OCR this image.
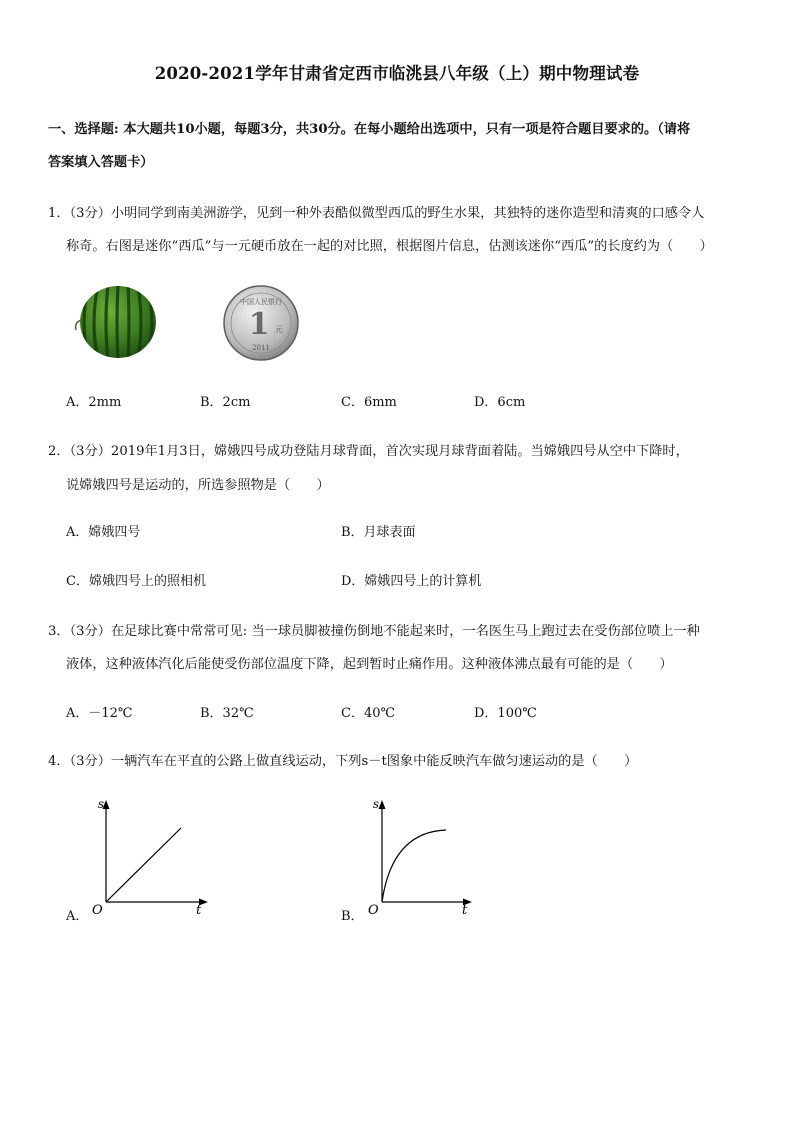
2020-2021学年甘肃省定西市临洮县八年级（上）期中物理试卷
一、选择题: 本大题共10小题，每题3分，共30分。在每小题给出选项中，只有一项是符合题目要求的。（请将
答案填入答题卡）
1．（3分）小明同学到南美洲游学，见到一种外表酷似微型西瓜的野生水果，其独特的迷你造型和清爽的口感令人
称奇。右图是迷你“西瓜”与一元硬币放在一起的对比照，根据图片信息，估测该迷你“西瓜”的长度约为（　　）
中国人民银行
1 元
2011
A．2mm	B．2cm	C．6mm	D．6cm
2．（3分）2019年1月3日，嫦娥四号成功登陆月球背面，首次实现月球背面着陆。当嫦娥四号从空中下降时，
说嫦娥四号是运动的，所选参照物是（　　）
A．嫦娥四号	B．月球表面
C．嫦娥四号上的照相机	D．嫦娥四号上的计算机
3．（3分）在足球比赛中常常可见: 当一球员脚被撞伤倒地不能起来时，一名医生马上跑过去在受伤部位喷上一种
液体，这种液体汽化后能使受伤部位温度下降，起到暂时止痛作用。这种液体沸点最有可能的是（　　）
A．－12℃	B．32℃	C．40℃	D．100℃
4．（3分）一辆汽车在平直的公路上做直线运动，下列s－t图象中能反映汽车做匀速运动的是（　　）
A．
s
t
O	B．
s
t
O
